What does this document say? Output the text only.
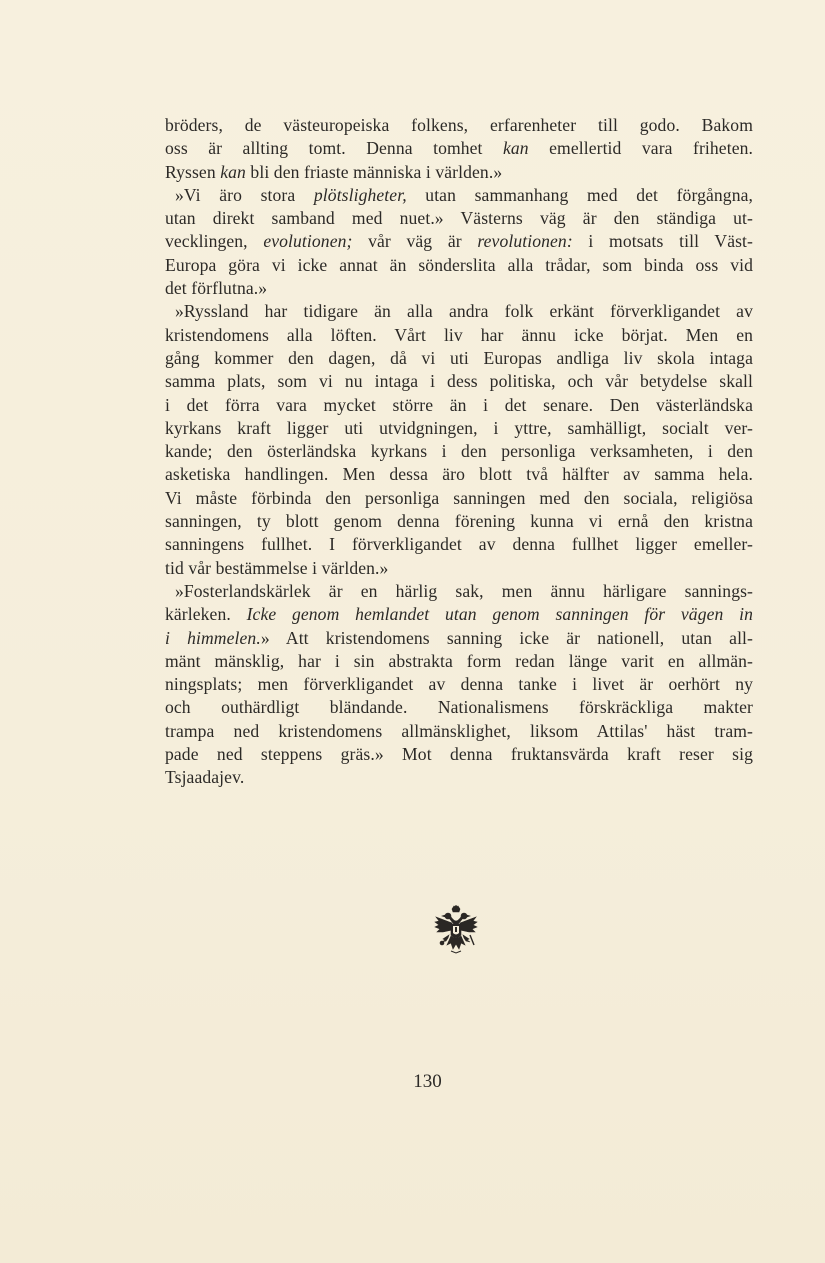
bröders, de västeuropeiska folkens, erfarenheter till godo. Bakom
oss är allting tomt. Denna tomhet kan emellertid vara friheten.
Ryssen kan bli den friaste människa i världen.»
»Vi äro stora plötsligheter, utan sammanhang med det förgångna,
utan direkt samband med nuet.» Västerns väg är den ständiga ut-
vecklingen, evolutionen; vår väg är revolutionen: i motsats till Väst-
Europa göra vi icke annat än sönderslita alla trådar, som binda oss vid
det förflutna.»
»Ryssland har tidigare än alla andra folk erkänt förverkligandet av
kristendomens alla löften. Vårt liv har ännu icke börjat. Men en
gång kommer den dagen, då vi uti Europas andliga liv skola intaga
samma plats, som vi nu intaga i dess politiska, och vår betydelse skall
i det förra vara mycket större än i det senare. Den västerländska
kyrkans kraft ligger uti utvidgningen, i yttre, samhälligt, socialt ver-
kande; den österländska kyrkans i den personliga verksamheten, i den
asketiska handlingen. Men dessa äro blott två hälfter av samma hela.
Vi måste förbinda den personliga sanningen med den sociala, religiösa
sanningen, ty blott genom denna förening kunna vi ernå den kristna
sanningens fullhet. I förverkligandet av denna fullhet ligger emeller-
tid vår bestämmelse i världen.»
»Fosterlandskärlek är en härlig sak, men ännu härligare sannings-
kärleken. Icke genom hemlandet utan genom sanningen för vägen in
i himmelen.» Att kristendomens sanning icke är nationell, utan all-
mänt mänsklig, har i sin abstrakta form redan länge varit en allmän-
ningsplats; men förverkligandet av denna tanke i livet är oerhört ny
och outhärdligt bländande. Nationalismens förskräckliga makter
trampa ned kristendomens allmänsklighet, liksom Attilas' häst tram-
pade ned steppens gräs.» Mot denna fruktansvärda kraft reser sig
Tsjaadajev.
130
